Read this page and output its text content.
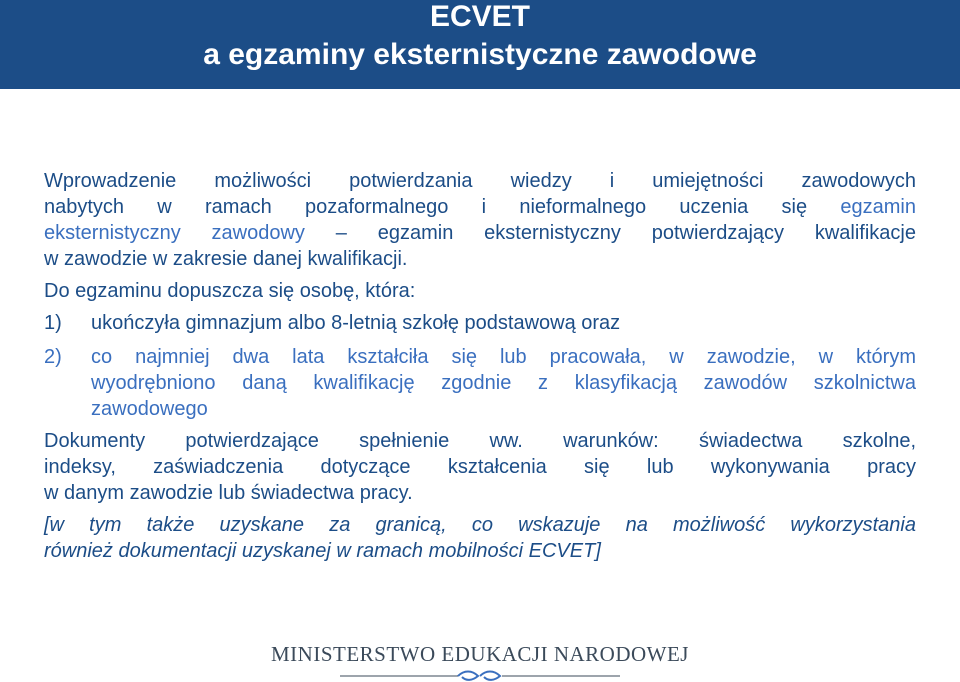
ECVET
a egzaminy eksternistyczne zawodowe
Wprowadzenie możliwości potwierdzania wiedzy i umiejętności zawodowych
nabytych w ramach pozaformalnego i nieformalnego uczenia się egzamin
eksternistyczny zawodowy – egzamin eksternistyczny potwierdzający kwalifikacje
w zawodzie w zakresie danej kwalifikacji.
Do egzaminu dopuszcza się osobę, która:
1) ukończyła gimnazjum albo 8-letnią szkołę podstawową oraz
2) co najmniej dwa lata kształciła się lub pracowała, w zawodzie, w którym
wyodrębniono daną kwalifikację zgodnie z klasyfikacją zawodów szkolnictwa
zawodowego
Dokumenty potwierdzające spełnienie ww. warunków: świadectwa szkolne,
indeksy, zaświadczenia dotyczące kształcenia się lub wykonywania pracy
w danym zawodzie lub świadectwa pracy.
[w tym także uzyskane za granicą, co wskazuje na możliwość wykorzystania
również dokumentacji uzyskanej w ramach mobilności ECVET]
MINISTERSTWO EDUKACJI NARODOWEJ
